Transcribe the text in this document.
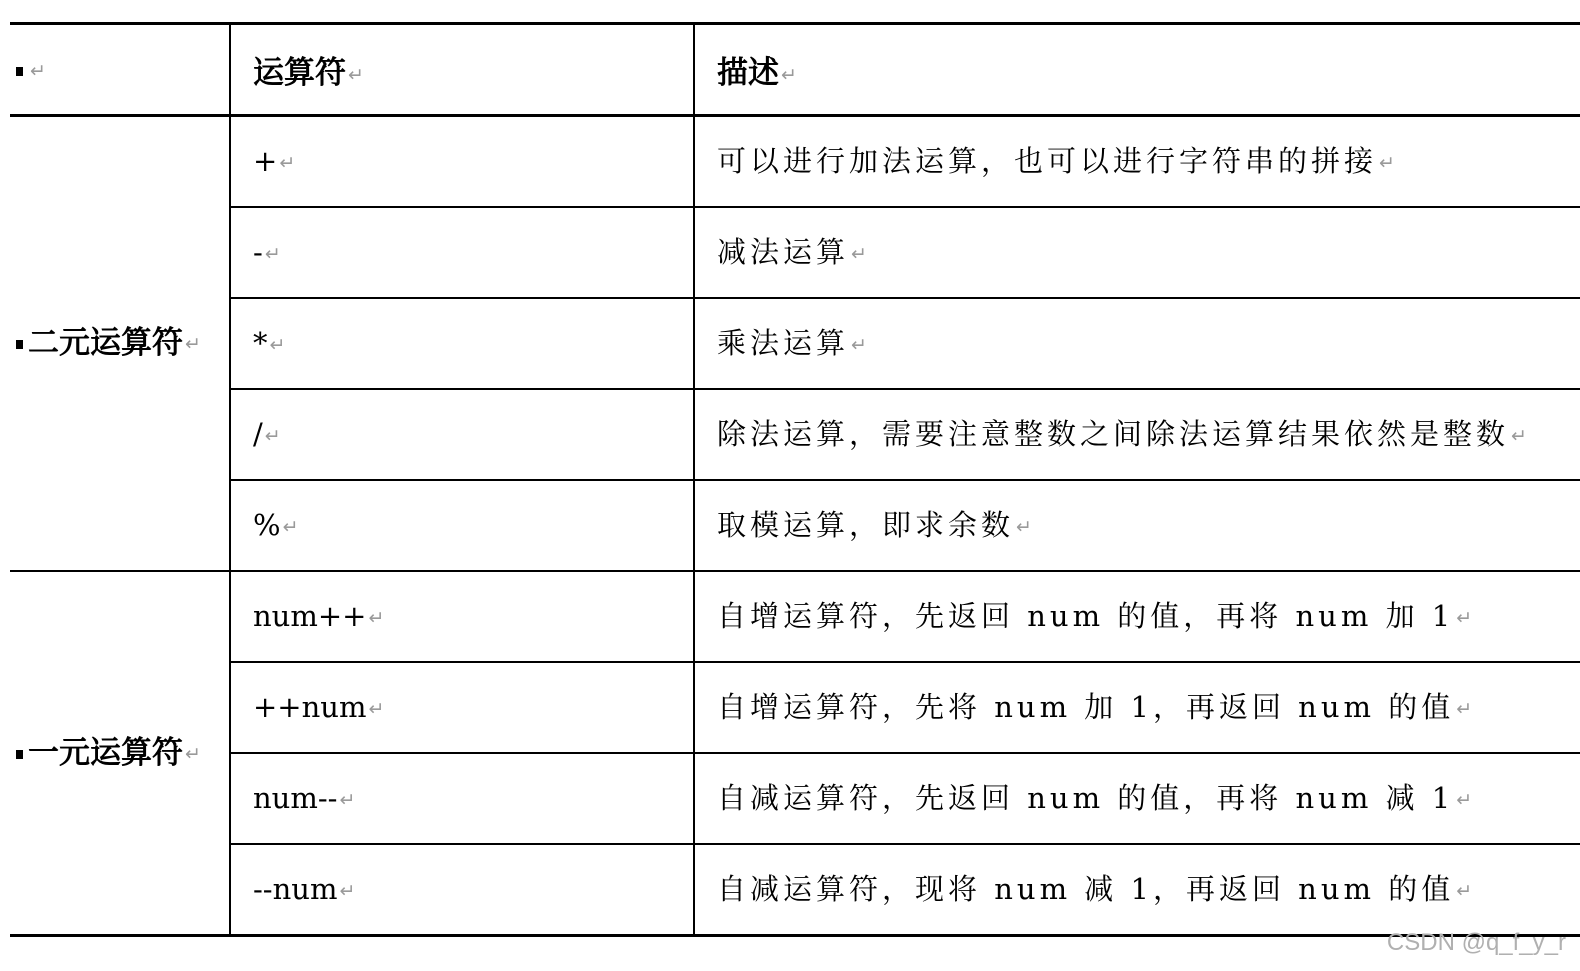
↵	运算符 ↵	描述 ↵
二元运算符 ↵	+ ↵	可以进行加法运算，也可以进行字符串的拼接 ↵
	- ↵	减法运算 ↵
	* ↵	乘法运算 ↵
	/ ↵	除法运算，需要注意整数之间除法运算结果依然是整数 ↵
	% ↵	取模运算，即求余数 ↵
一元运算符 ↵	num++ ↵	自增运算符，先返回 num 的值，再将 num 加 1 ↵
	++num ↵	自增运算符，先将 num 加 1，再返回 num 的值 ↵
	num-- ↵	自减运算符，先返回 num 的值，再将 num 减 1 ↵
	--num ↵	自减运算符，现将 num 减 1，再返回 num 的值 ↵
CSDN @q_f_y_r
